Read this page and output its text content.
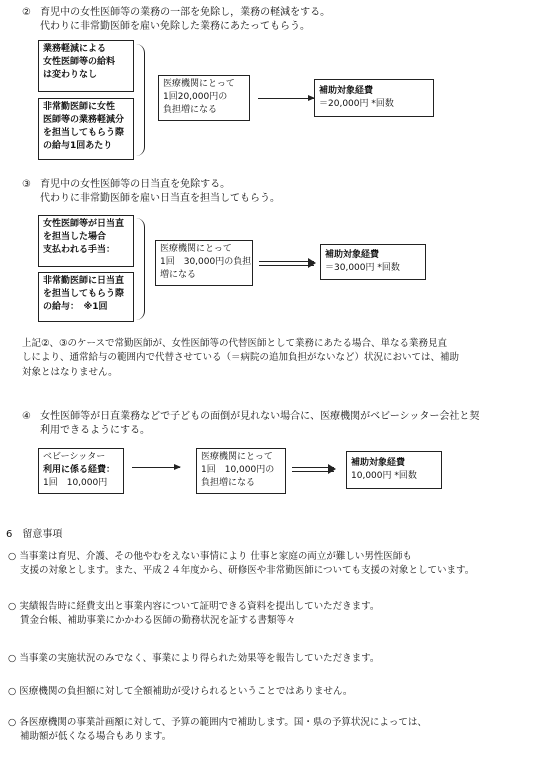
② 育児中の女性医師等の業務の一部を免除し，業務の軽減をする。
代わりに非常勤医師を雇い免除した業務にあたってもらう。
業務軽減による
女性医師等の給料
は変わりなし
非常勤医師に女性
医師等の業務軽減分
を担当してもらう際
の給与1回あたり
医療機関にとって
1回20,000円の
負担増になる
補助対象経費
＝20,000円 *回数
③ 育児中の女性医師等の日当直を免除する。
代わりに非常勤医師を雇い日当直を担当してもらう。
女性医師等が日当直
を担当した場合
支払われる手当：
非常勤医師に日当直
を担当してもらう際
の給与：　※1回
医療機関にとって
1回　30,000円の負担
増になる
補助対象経費
＝30,000円 *回数
上記②、③のケースで常勤医師が、女性医師等の代替医師として業務にあたる場合、単なる業務見直
しにより、通常給与の範囲内で代替させている（＝病院の追加負担がないなど）状況においては、補助
対象とはなりません。
④ 女性医師等が日直業務などで子どもの面倒が見れない場合に、医療機関がベビーシッター会社と契
利用できるようにする。
ベビーシッター
利用に係る経費：
1回　10,000円
医療機関にとって
1回　10,000円の
負担増になる
補助対象経費
10,000円 *回数
6　留意事項
○ 当事業は育児、介護、その他やむをえない事情により 仕事と家庭の両立が難しい男性医師も
支援の対象とします。また、平成２４年度から、研修医や非常勤医師についても支援の対象としています。
○ 実績報告時に経費支出と事業内容について証明できる資料を提出していただきます。
賃金台帳、補助事業にかかわる医師の勤務状況を証する書類等々
○ 当事業の実施状況のみでなく、事業により得られた効果等を報告していただきます。
○ 医療機関の負担額に対して全額補助が受けられるということではありません。
○ 各医療機関の事業計画額に対して、予算の範囲内で補助します。国・県の予算状況によっては、
補助額が低くなる場合もあります。
